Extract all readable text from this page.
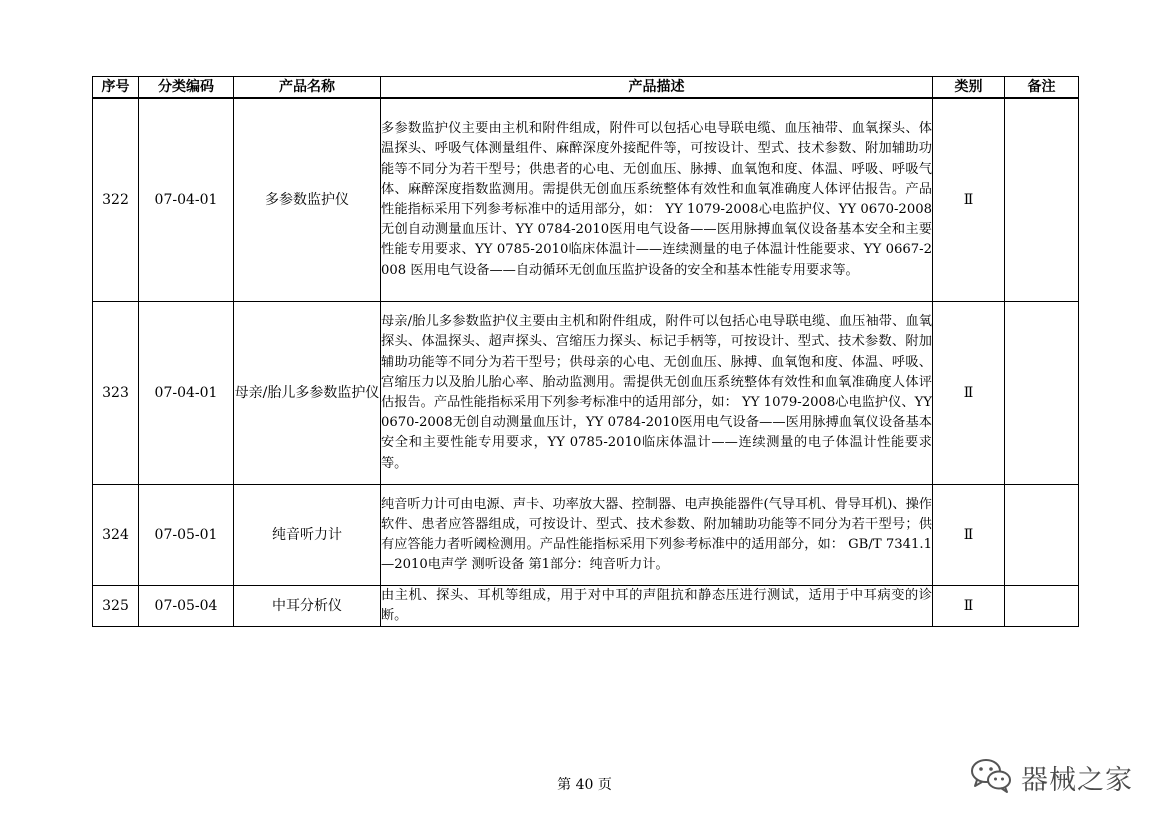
序号	分类编码	产品名称	产品描述	类别	备注
322	07-04-01	多参数监护仪	多参数监护仪主要由主机和附件组成，附件可以包括心电导联电缆、血压袖带、血氧探头、体温探头、呼吸气体测量组件、麻醉深度外接配件等，可按设计、型式、技术参数、附加辅助功能等不同分为若干型号；供患者的心电、无创血压、脉搏、血氧饱和度、体温、呼吸、呼吸气体、麻醉深度指数监测用。需提供无创血压系统整体有效性和血氧准确度人体评估报告。产品性能指标采用下列参考标准中的适用部分，如： YY 1079-2008心电监护仪、YY 0670-2008无创自动测量血压计、YY 0784-2010医用电气设备——医用脉搏血氧仪设备基本安全和主要性能专用要求、YY 0785-2010临床体温计——连续测量的电子体温计性能要求、YY 0667-2008 医用电气设备——自动循环无创血压监护设备的安全和基本性能专用要求等。	Ⅱ	
323	07-04-01	母亲/胎儿多参数监护仪	母亲/胎儿多参数监护仪主要由主机和附件组成，附件可以包括心电导联电缆、血压袖带、血氧探头、体温探头、超声探头、宫缩压力探头、标记手柄等，可按设计、型式、技术参数、附加辅助功能等不同分为若干型号；供母亲的心电、无创血压、脉搏、血氧饱和度、体温、呼吸、宫缩压力以及胎儿胎心率、胎动监测用。需提供无创血压系统整体有效性和血氧准确度人体评估报告。产品性能指标采用下列参考标准中的适用部分，如： YY 1079-2008心电监护仪、YY 0670-2008无创自动测量血压计，YY 0784-2010医用电气设备——医用脉搏血氧仪设备基本安全和主要性能专用要求，YY 0785-2010临床体温计——连续测量的电子体温计性能要求等。	Ⅱ	
324	07-05-01	纯音听力计	纯音听力计可由电源、声卡、功率放大器、控制器、电声换能器件(气导耳机、骨导耳机)、操作软件、患者应答器组成，可按设计、型式、技术参数、附加辅助功能等不同分为若干型号；供有应答能力者听阈检测用。产品性能指标采用下列参考标准中的适用部分，如： GB/T 7341.1—2010电声学 测听设备 第1部分：纯音听力计。	Ⅱ	
325	07-05-04	中耳分析仪	由主机、探头、耳机等组成，用于对中耳的声阻抗和静态压进行测试，适用于中耳病变的诊断。	Ⅱ	
第 40 页	器械之家
